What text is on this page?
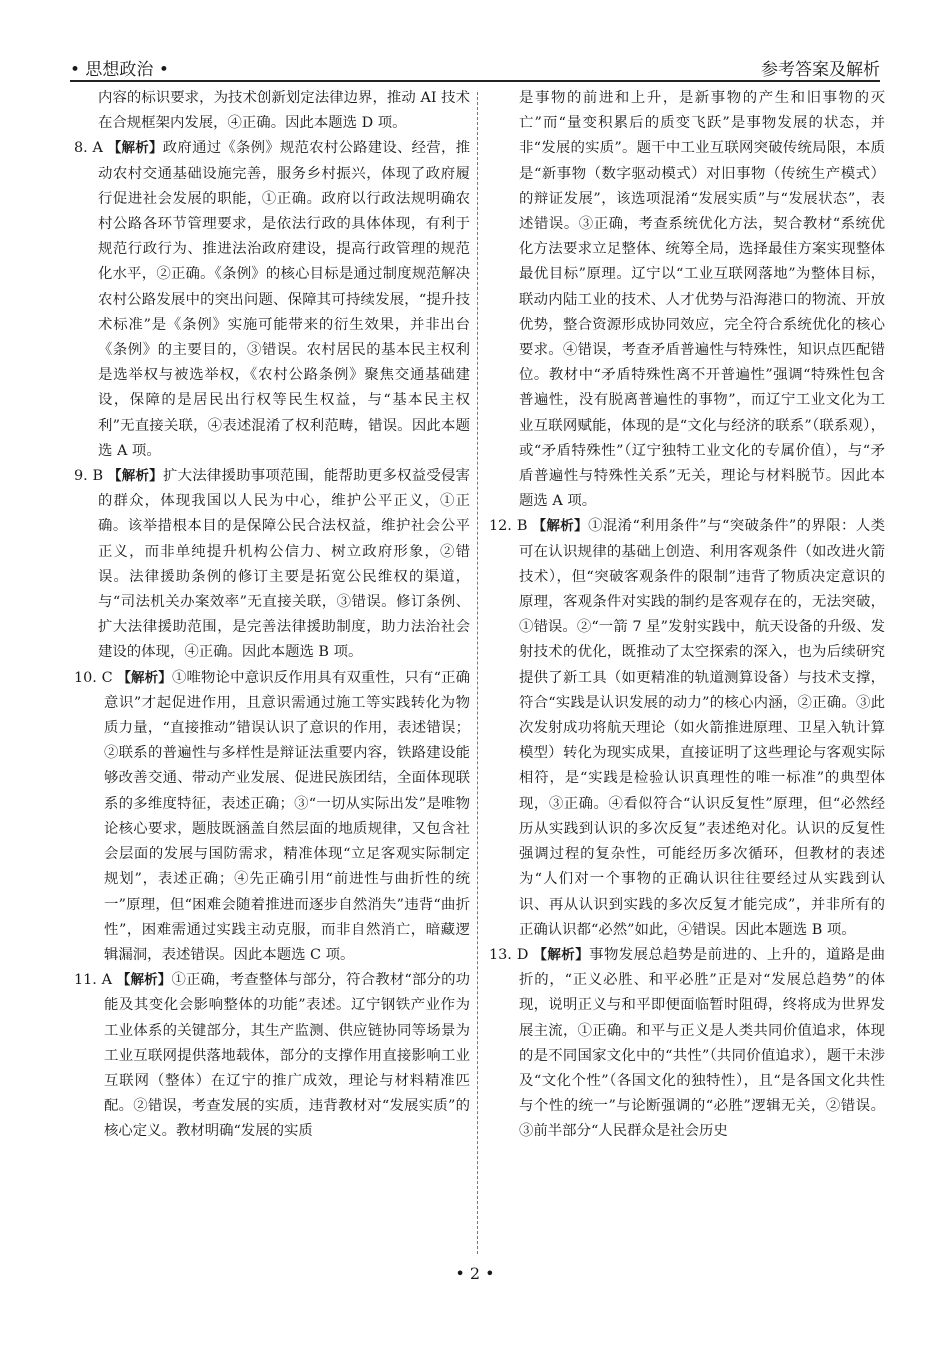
• 思想政治 •	参考答案及解析

内容的标识要求，为技术创新划定法律边界，推动 AI 技术在合规框架内发展，④正确。因此本题选 D 项。

8. A 【解析】政府通过《条例》规范农村公路建设、经营，推动农村交通基础设施完善，服务乡村振兴，体现了政府履行促进社会发展的职能，①正确。政府以行政法规明确农村公路各环节管理要求，是依法行政的具体体现，有利于规范行政行为、推进法治政府建设，提高行政管理的规范化水平，②正确。《条例》的核心目标是通过制度规范解决农村公路发展中的突出问题、保障其可持续发展，“提升技术标准”是《条例》实施可能带来的衍生效果，并非出台《条例》的主要目的，③错误。农村居民的基本民主权利是选举权与被选举权，《农村公路条例》聚焦交通基础建设，保障的是居民出行权等民生权益，与“基本民主权利”无直接关联，④表述混淆了权利范畴，错误。因此本题选 A 项。

9. B 【解析】扩大法律援助事项范围，能帮助更多权益受侵害的群众，体现我国以人民为中心，维护公平正义，①正确。该举措根本目的是保障公民合法权益，维护社会公平正义，而非单纯提升机构公信力、树立政府形象，②错误。法律援助条例的修订主要是拓宽公民维权的渠道，与“司法机关办案效率”无直接关联，③错误。修订条例、扩大法律援助范围，是完善法律援助制度，助力法治社会建设的体现，④正确。因此本题选 B 项。

10. C 【解析】①唯物论中意识反作用具有双重性，只有“正确意识”才起促进作用，且意识需通过施工等实践转化为物质力量，“直接推动”错误认识了意识的作用，表述错误；②联系的普遍性与多样性是辩证法重要内容，铁路建设能够改善交通、带动产业发展、促进民族团结，全面体现联系的多维度特征，表述正确；③“一切从实际出发”是唯物论核心要求，题肢既涵盖自然层面的地质规律，又包含社会层面的发展与国防需求，精准体现“立足客观实际制定规划”，表述正确；④先正确引用“前进性与曲折性的统一”原理，但“困难会随着推进而逐步自然消失”违背“曲折性”，困难需通过实践主动克服，而非自然消亡，暗藏逻辑漏洞，表述错误。因此本题选 C 项。

11. A 【解析】①正确，考查整体与部分，符合教材“部分的功能及其变化会影响整体的功能”表述。辽宁钢铁产业作为工业体系的关键部分，其生产监测、供应链协同等场景为工业互联网提供落地载体，部分的支撑作用直接影响工业互联网（整体）在辽宁的推广成效，理论与材料精准匹配。②错误，考查发展的实质，违背教材对“发展实质”的核心定义。教材明确“发展的实质

是事物的前进和上升，是新事物的产生和旧事物的灭亡”而“量变积累后的质变飞跃”是事物发展的状态，并非“发展的实质”。题干中工业互联网突破传统局限，本质是“新事物（数字驱动模式）对旧事物（传统生产模式）的辩证发展”，该选项混淆“发展实质”与“发展状态”，表述错误。③正确，考查系统优化方法，契合教材“系统优化方法要求立足整体、统筹全局，选择最佳方案实现整体最优目标”原理。辽宁以“工业互联网落地”为整体目标，联动内陆工业的技术、人才优势与沿海港口的物流、开放优势，整合资源形成协同效应，完全符合系统优化的核心要求。④错误，考查矛盾普遍性与特殊性，知识点匹配错位。教材中“矛盾特殊性离不开普遍性”强调“特殊性包含普遍性，没有脱离普遍性的事物”，而辽宁工业文化为工业互联网赋能，体现的是“文化与经济的联系”（联系观），或“矛盾特殊性”（辽宁独特工业文化的专属价值），与“矛盾普遍性与特殊性关系”无关，理论与材料脱节。因此本题选 A 项。

12. B 【解析】①混淆“利用条件”与“突破条件”的界限：人类可在认识规律的基础上创造、利用客观条件（如改进火箭技术），但“突破客观条件的限制”违背了物质决定意识的原理，客观条件对实践的制约是客观存在的，无法突破，①错误。②“一箭 7 星”发射实践中，航天设备的升级、发射技术的优化，既推动了太空探索的深入，也为后续研究提供了新工具（如更精准的轨道测算设备）与技术支撑，符合“实践是认识发展的动力”的核心内涵，②正确。③此次发射成功将航天理论（如火箭推进原理、卫星入轨计算模型）转化为现实成果，直接证明了这些理论与客观实际相符，是“实践是检验认识真理性的唯一标准”的典型体现，③正确。④看似符合“认识反复性”原理，但“必然经历从实践到认识的多次反复”表述绝对化。认识的反复性强调过程的复杂性，可能经历多次循环，但教材的表述为“人们对一个事物的正确认识往往要经过从实践到认识、再从认识到实践的多次反复才能完成”，并非所有的正确认识都“必然”如此，④错误。因此本题选 B 项。

13. D 【解析】事物发展总趋势是前进的、上升的，道路是曲折的，“正义必胜、和平必胜”正是对“发展总趋势”的体现，说明正义与和平即便面临暂时阻碍，终将成为世界发展主流，①正确。和平与正义是人类共同价值追求，体现的是不同国家文化中的“共性”（共同价值追求），题干未涉及“文化个性”（各国文化的独特性），且“是各国文化共性与个性的统一”与论断强调的“必胜”逻辑无关，②错误。③前半部分“人民群众是社会历史

• 2 •
